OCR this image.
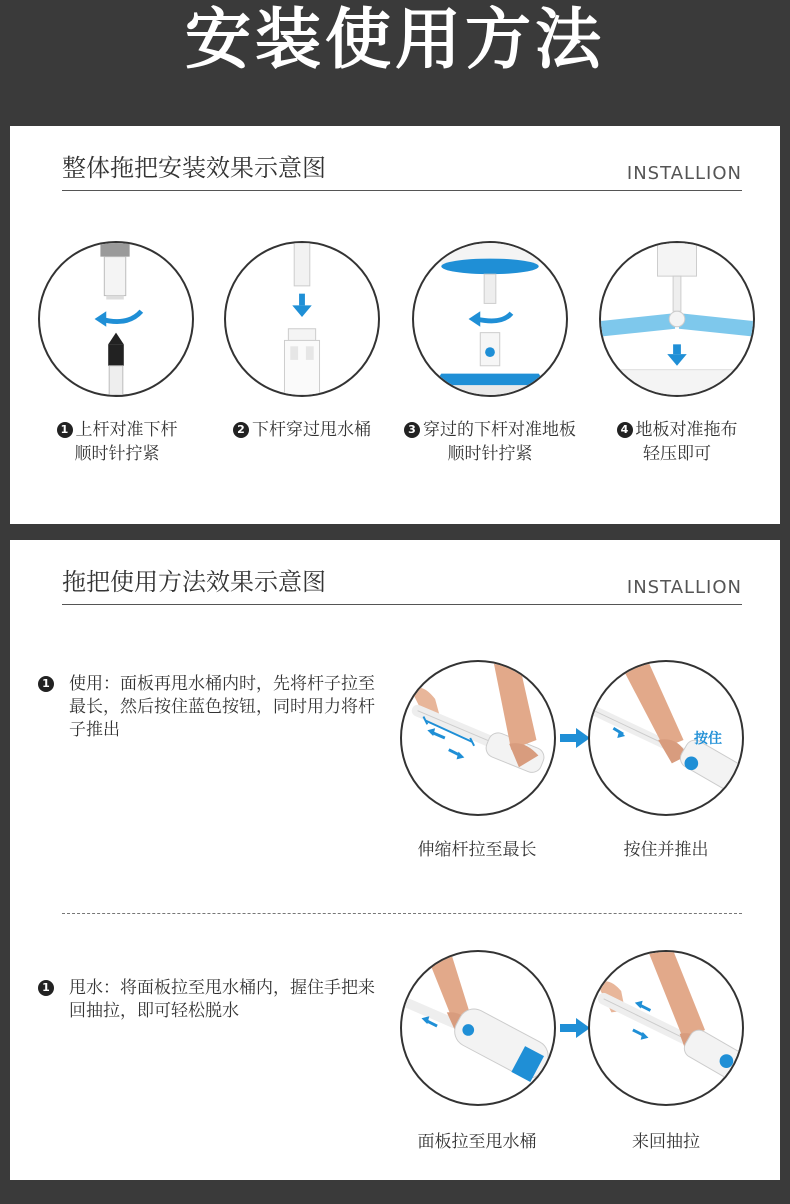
安装使用方法
整体拖把安装效果示意图	INSTALLION
1 上杆对准下杆
顺时针拧紧
2 下杆穿过甩水桶	3 穿过的下杆对准地板
顺时针拧紧
4 地板对准拖布
轻压即可
拖把使用方法效果示意图	INSTALLION
1	使用：面板再甩水桶内时，先将杆子拉至最长，然后按住蓝色按钮，同时用力将杆子推出	按住
伸缩杆拉至最长	按住并推出
1	甩水：将面板拉至甩水桶内，握住手把来回抽拉，即可轻松脱水
面板拉至甩水桶	来回抽拉
